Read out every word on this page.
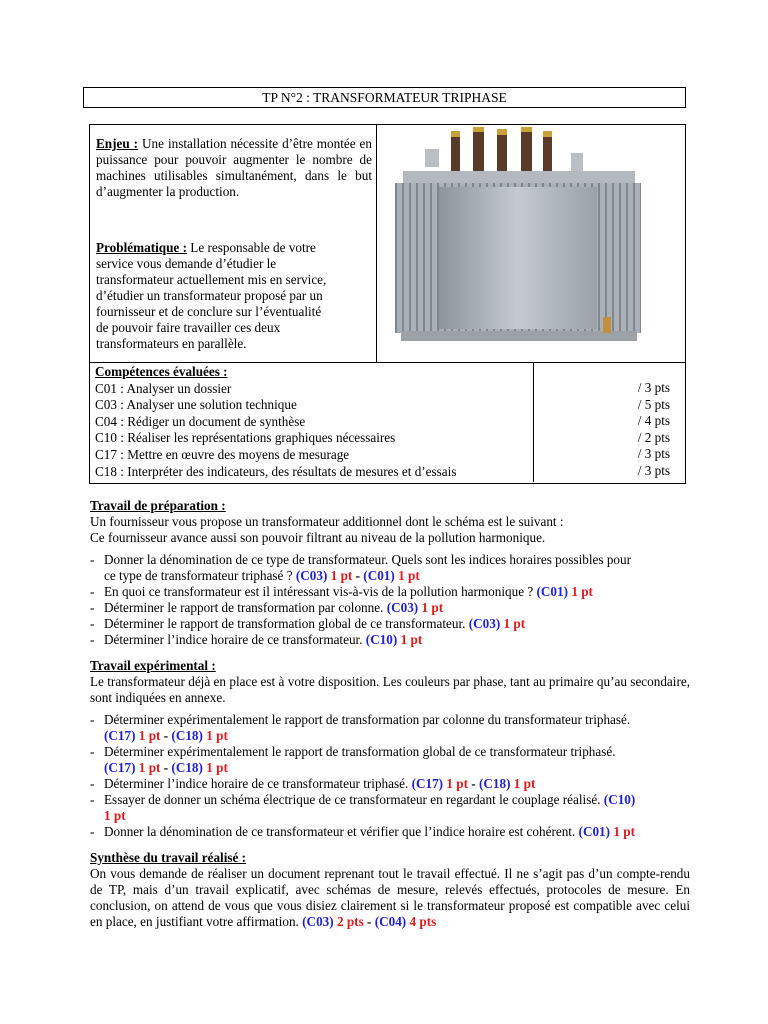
TP N°2 : TRANSFORMATEUR TRIPHASE
Enjeu : Une installation nécessite d’être montée en puissance pour pouvoir augmenter le nombre de machines utilisables simultanément, dans le but d’augmenter la production.
Problématique : Le responsable de votre
service vous demande d’étudier le
transformateur actuellement mis en service,
d’étudier un transformateur proposé par un
fournisseur et de conclure sur l’éventualité
de pouvoir faire travailler ces deux
transformateurs en parallèle.
Compétences évaluées :
C01 : Analyser un dossier
C03 : Analyser une solution technique
C04 : Rédiger un document de synthèse
C10 : Réaliser les représentations graphiques nécessaires
C17 : Mettre en œuvre des moyens de mesurage
C18 : Interpréter des indicateurs, des résultats de mesures et d’essais
/ 3 pts
/ 5 pts
/ 4 pts
/ 2 pts
/ 3 pts
/ 3 pts

Travail de préparation :

Un fournisseur vous propose un transformateur additionnel dont le schéma est le suivant :

Ce fournisseur avance aussi son pouvoir filtrant au niveau de la pollution harmonique.

- Donner la dénomination de ce type de transformateur. Quels sont les indices horaires possibles pour
ce type de transformateur triphasé ? (C03) 1 pt - (C01) 1 pt
- En quoi ce transformateur est il intéressant vis-à-vis de la pollution harmonique ? (C01) 1 pt
- Déterminer le rapport de transformation par colonne. (C03) 1 pt
- Déterminer le rapport de transformation global de ce transformateur. (C03) 1 pt
- Déterminer l’indice horaire de ce transformateur. (C10) 1 pt

Travail expérimental :

Le transformateur déjà en place est à votre disposition. Les couleurs par phase, tant au primaire qu’au secondaire, sont indiquées en annexe.

- Déterminer expérimentalement le rapport de transformation par colonne du transformateur triphasé.
(C17) 1 pt - (C18) 1 pt
- Déterminer expérimentalement le rapport de transformation global de ce transformateur triphasé.
(C17) 1 pt - (C18) 1 pt
- Déterminer l’indice horaire de ce transformateur triphasé. (C17) 1 pt - (C18) 1 pt
- Essayer de donner un schéma électrique de ce transformateur en regardant le couplage réalisé. (C10)
1 pt
- Donner la dénomination de ce transformateur et vérifier que l’indice horaire est cohérent. (C01) 1 pt

Synthèse du travail réalisé :

On vous demande de réaliser un document reprenant tout le travail effectué. Il ne s’agit pas d’un compte-rendu de TP, mais d’un travail explicatif, avec schémas de mesure, relevés effectués, protocoles de mesure. En conclusion, on attend de vous que vous disiez clairement si le transformateur proposé est compatible avec celui en place, en justifiant votre affirmation. (C03) 2 pts - (C04) 4 pts
